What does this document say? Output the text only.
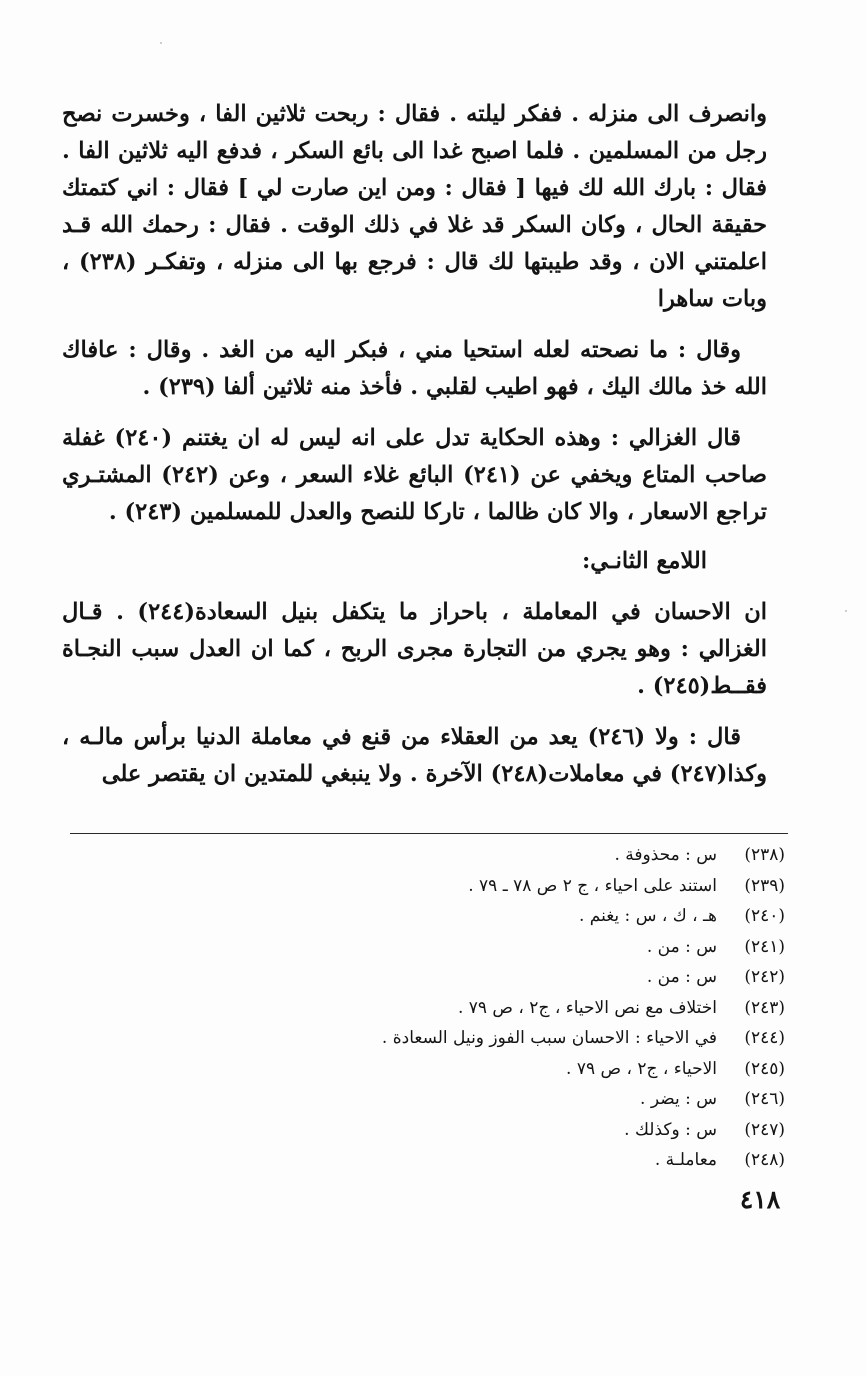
وانصرف الى منزله . ففكر ليلته . فقال : ربحت ثلاثين الفا ، وخسرت نصح رجل من المسلمين . فلما اصبح غدا الى بائع السكر ، فدفع اليه ثلاثين الفا . فقال : بارك الله لك فيها [ فقال : ومن اين صارت لي ] فقال : اني كتمتك حقيقة الحال ، وكان السكر قد غلا في ذلك الوقت . فقال : رحمك الله قـد اعلمتني الان ، وقد طيبتها لك قال : فرجع بها الى منزله ، وتفكـر (٢٣٨) ، وبات ساهرا

وقال : ما نصحته لعله استحيا مني ، فبكر اليه من الغد . وقال : عافاك الله خذ مالك اليك ، فهو اطيب لقلبي . فأخذ منه ثلاثين ألفا (٢٣٩) .

قال الغزالي : وهذه الحكاية تدل على انه ليس له ان يغتنم (٢٤٠) غفلة صاحب المتاع ويخفي عن (٢٤١) البائع غلاء السعر ، وعن (٢٤٢) المشتـري تراجع الاسعار ، والا كان ظالما ، تاركا للنصح والعدل للمسلمين (٢٤٣) .

اللامع الثانـي:

ان الاحسان في المعاملة ، باحراز ما يتكفل بنيل السعادة(٢٤٤) . قـال الغزالي : وهو يجري من التجارة مجرى الربح ، كما ان العدل سبب النجـاة فقــط(٢٤٥) .

قال : ولا (٢٤٦) يعد من العقلاء من قنع في معاملة الدنيا برأس مالـه ، وكذا(٢٤٧) في معاملات(٢٤٨) الآخرة . ولا ينبغي للمتدين ان يقتصر على

(٢٣٨)
س : محذوفة .
(٢٣٩)
استند على احياء ، ج ٢ ص ٧٨ ـ ٧٩ .
(٢٤٠)
هـ ، ك ، س : يغنم .
(٢٤١)
س : من .
(٢٤٢)
س : من .
(٢٤٣)
اختلاف مع نص الاحياء ، ج٢ ، ص ٧٩ .
(٢٤٤)
في الاحياء : الاحسان سبب الفوز ونيل السعادة .
(٢٤٥)
الاحياء ، ج٢ ، ص ٧٩ .
(٢٤٦)
س : يضر .
(٢٤٧)
س : وكذلك .
(٢٤٨)
معاملـة .
٤١٨
